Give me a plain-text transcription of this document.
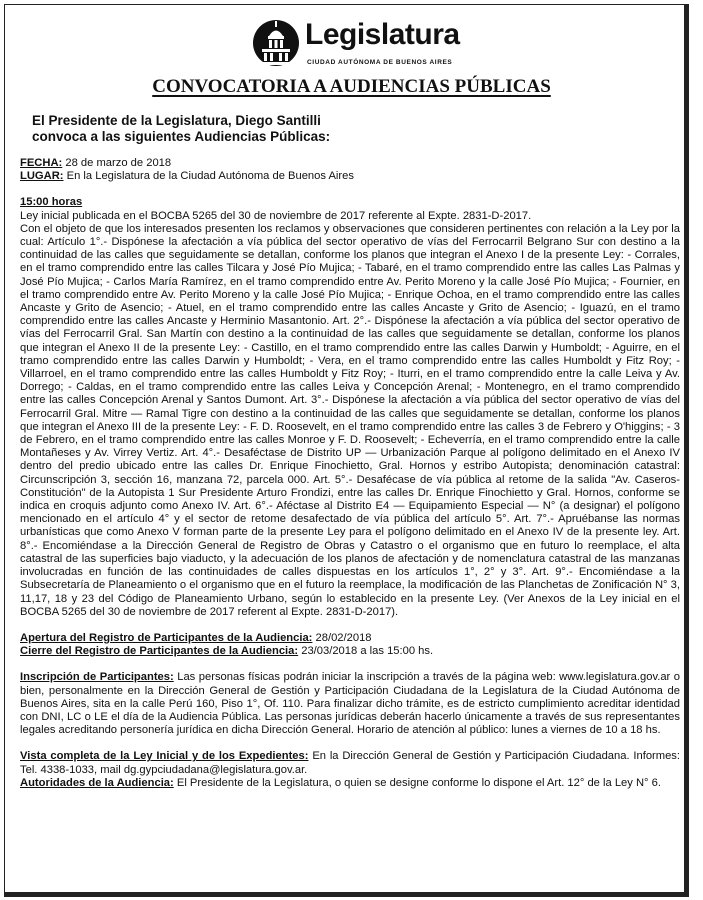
Legislatura
CIUDAD AUTÓNOMA DE BUENOS AIRES
CONVOCATORIA A AUDIENCIAS PÚBLICAS
El Presidente de la Legislatura, Diego Santilli
convoca a las siguientes Audiencias Públicas:

FECHA: 28 de marzo de 2018

LUGAR: En la Legislatura de la Ciudad Autónoma de Buenos Aires

15:00 horas

Ley inicial publicada en el BOCBA 5265 del 30 de noviembre de 2017 referente al Expte. 2831-D-2017.

Con el objeto de que los interesados presenten los reclamos y observaciones que consideren pertinentes con relación a la Ley por la cual: Artículo 1°.- Dispónese la afectación a vía pública del sector operativo de vías del Ferrocarril Belgrano Sur con destino a la continuidad de las calles que seguidamente se detallan, conforme los planos que integran el Anexo I de la presente Ley: - Corrales, en el tramo comprendido entre las calles Tilcara y José Pío Mujica; - Tabaré, en el tramo comprendido entre las calles Las Palmas y José Pío Mujica; - Carlos María Ramírez, en el tramo comprendido entre Av. Perito Moreno y la calle José Pío Mujica; - Fournier, en el tramo comprendido entre Av. Perito Moreno y la calle José Pío Mujica; - Enrique Ochoa, en el tramo comprendido entre las calles Ancaste y Grito de Asencio; - Atuel, en el tramo comprendido entre las calles Ancaste y Grito de Asencio; - Iguazú, en el tramo comprendido entre las calles Ancaste y Herminio Masantonio. Art. 2°.- Dispónese la afectación a vía pública del sector operativo de vías del Ferrocarril Gral. San Martín con destino a la continuidad de las calles que seguidamente se detallan, conforme los planos que integran el Anexo II de la presente Ley: - Castillo, en el tramo comprendido entre las calles Darwin y Humboldt; - Aguirre, en el tramo comprendido entre las calles Darwin y Humboldt; - Vera, en el tramo comprendido entre las calles Humboldt y Fitz Roy; - Villarroel, en el tramo comprendido entre las calles Humboldt y Fitz Roy; - Iturri, en el tramo comprendido entre la calle Leiva y Av. Dorrego; - Caldas, en el tramo comprendido entre las calles Leiva y Concepción Arenal; - Montenegro, en el tramo comprendido entre las calles Concepción Arenal y Santos Dumont. Art. 3°.- Dispónese la afectación a vía pública del sector operativo de vías del Ferrocarril Gral. Mitre — Ramal Tigre con destino a la continuidad de las calles que seguidamente se detallan, conforme los planos que integran el Anexo III de la presente Ley: - F. D. Roosevelt, en el tramo comprendido entre las calles 3 de Febrero y O'higgins; - 3 de Febrero, en el tramo comprendido entre las calles Monroe y F. D. Roosevelt; - Echeverría, en el tramo comprendido entre la calle Montañeses y Av. Virrey Vertiz. Art. 4°.- Desaféctase de Distrito UP — Urbanización Parque al polígono delimitado en el Anexo IV dentro del predio ubicado entre las calles Dr. Enrique Finochietto, Gral. Hornos y estribo Autopista; denominación catastral: Circunscripción 3, sección 16, manzana 72, parcela 000. Art. 5°.- Desafécase de vía pública al retome de la salida "Av. Caseros-Constitución" de la Autopista 1 Sur Presidente Arturo Frondizi, entre las calles Dr. Enrique Finochietto y Gral. Hornos, conforme se indica en croquis adjunto como Anexo IV. Art. 6°.- Aféctase al Distrito E4 — Equipamiento Especial — N° (a designar) el polígono mencionado en el artículo 4° y el sector de retome desafectado de vía pública del artículo 5°. Art. 7°.- Apruébanse las normas urbanísticas que como Anexo V forman parte de la presente Ley para el polígono delimitado en el Anexo IV de la presente ley. Art. 8°.- Encomiéndase a la Dirección General de Registro de Obras y Catastro o el organismo que en futuro lo reemplace, el alta catastral de las superficies bajo viaducto, y la adecuación de los planos de afectación y de nomenclatura catastral de las manzanas involucradas en función de las continuidades de calles dispuestas en los artículos 1°, 2° y 3°. Art. 9°.- Encomiéndase a la Subsecretaría de Planeamiento o el organismo que en el futuro la reemplace, la modificación de las Planchetas de Zonificación N° 3, 11,17, 18 y 23 del Código de Planeamiento Urbano, según lo establecido en la presente Ley. (Ver Anexos de la Ley inicial en el BOCBA 5265 del 30 de noviembre de 2017 referent al Expte. 2831-D-2017).

Apertura del Registro de Participantes de la Audiencia: 28/02/2018

Cierre del Registro de Participantes de la Audiencia: 23/03/2018 a las 15:00 hs.

Inscripción de Participantes: Las personas físicas podrán iniciar la inscripción a través de la página web: www.legislatura.gov.ar o bien, personalmente en la Dirección General de Gestión y Participación Ciudadana de la Legislatura de la Ciudad Autónoma de Buenos Aires, sita en la calle Perú 160, Piso 1°, Of. 110. Para finalizar dicho trámite, es de estricto cumplimiento acreditar identidad con DNI, LC o LE el día de la Audiencia Pública. Las personas jurídicas deberán hacerlo únicamente a través de sus representantes legales acreditando personería jurídica en dicha Dirección General. Horario de atención al público: lunes a viernes de 10 a 18 hs.

Vista completa de la Ley Inicial y de los Expedientes: En la Dirección General de Gestión y Participación Ciudadana. Informes: Tel. 4338-1033, mail dg.gypciudadana@legislatura.gov.ar.

Autoridades de la Audiencia: El Presidente de la Legislatura, o quien se designe conforme lo dispone el Art. 12° de la Ley N° 6.
